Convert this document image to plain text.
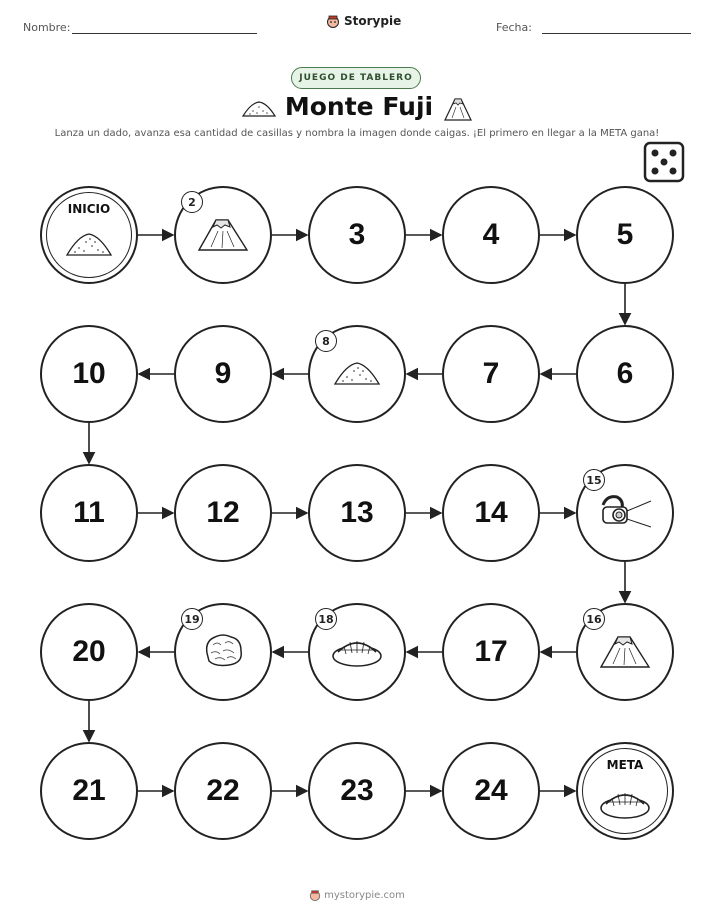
Nombre:	Storypie	Fecha:
JUEGO DE TABLERO
Monte Fuji
Lanza un dado, avanza esa cantidad de casillas y nombra la imagen donde caigas. ¡El primero en llegar a la META gana!
INICIO
3	4	5
6
7
9
10
11	12	13	14
17
20
21	22	23	24
META
mystorypie.com
2
8
15
16
18
19
